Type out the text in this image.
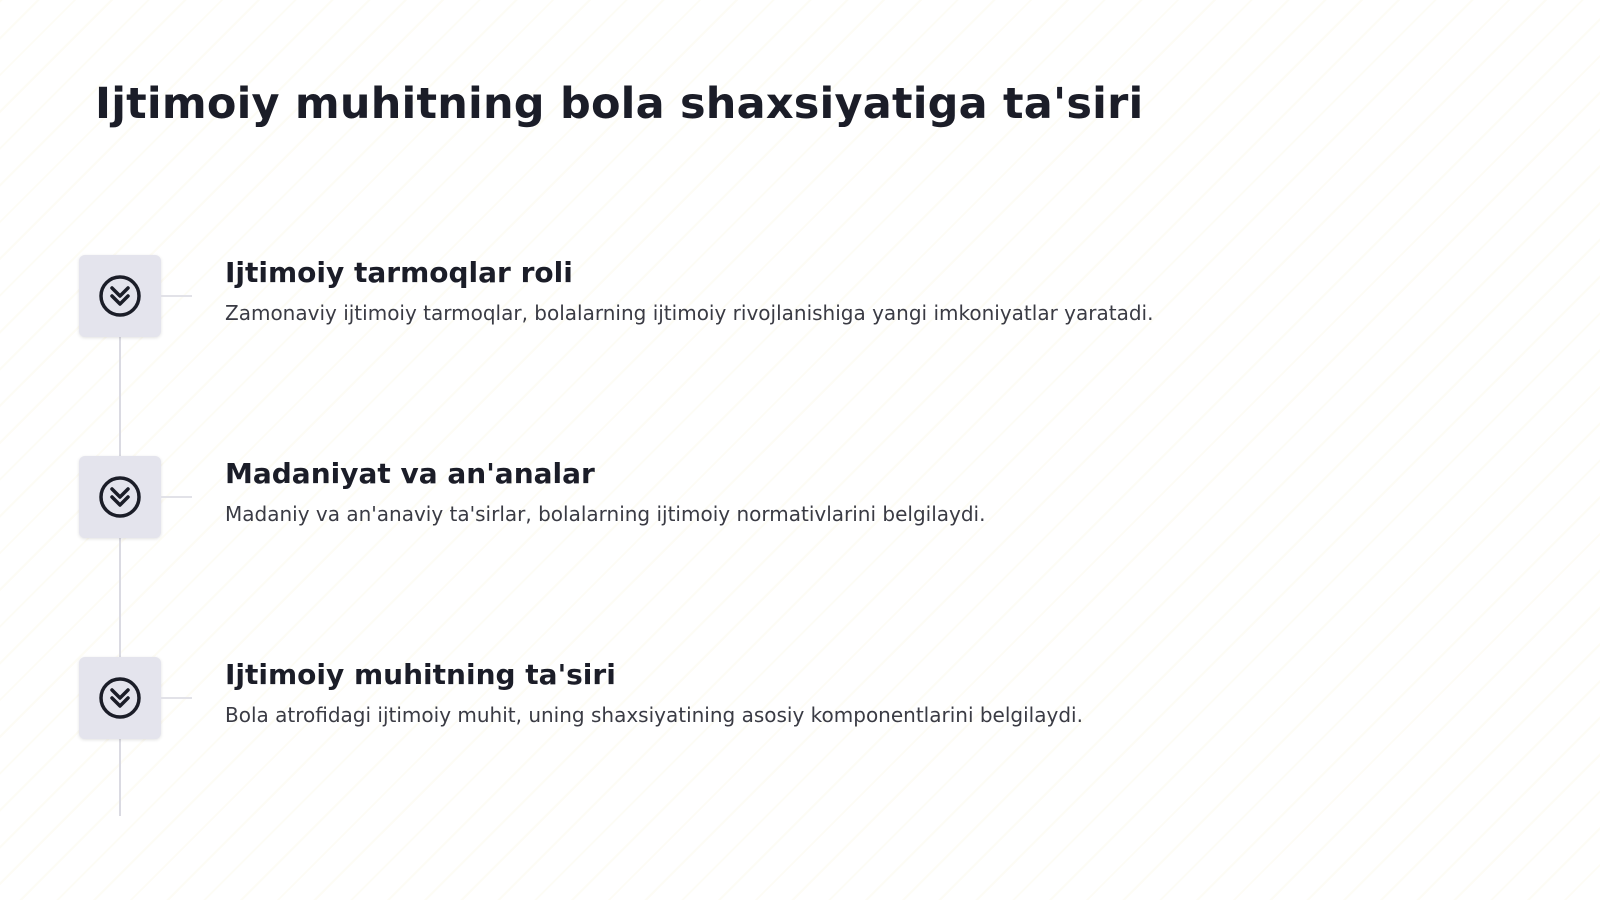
Ijtimoiy muhitning bola shaxsiyatiga ta'siri
Ijtimoiy tarmoqlar roli

Zamonaviy ijtimoiy tarmoqlar, bolalarning ijtimoiy rivojlanishiga yangi imkoniyatlar yaratadi.

Madaniyat va an'analar

Madaniy va an'anaviy ta'sirlar, bolalarning ijtimoiy normativlarini belgilaydi.

Ijtimoiy muhitning ta'siri

Bola atrofidagi ijtimoiy muhit, uning shaxsiyatining asosiy komponentlarini belgilaydi.
